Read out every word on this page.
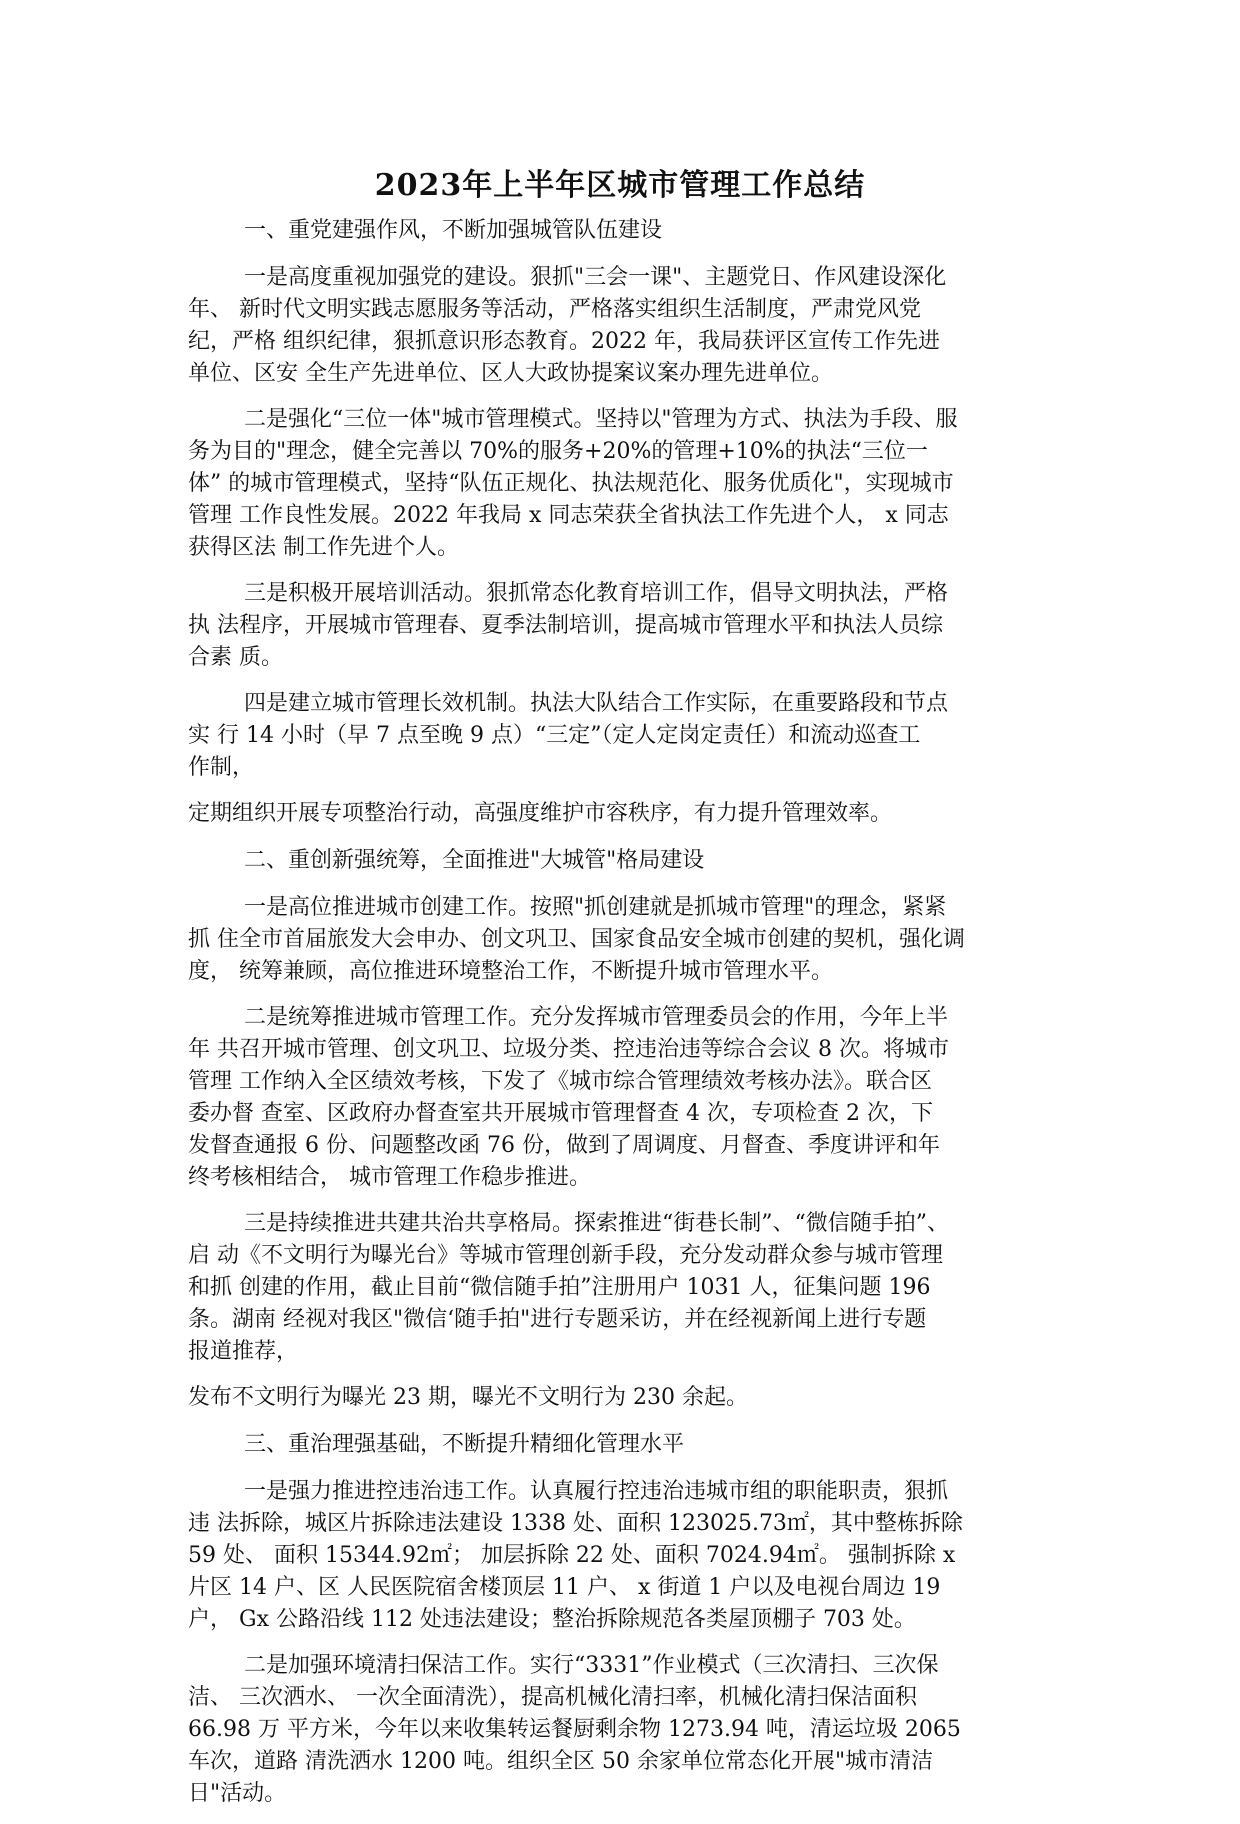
2023年上半年区城市管理工作总结
一、重党建强作风，不断加强城管队伍建设
一是高度重视加强党的建设。狠抓"三会一课"、主题党日、作风建设深化
年、 新时代文明实践志愿服务等活动，严格落实组织生活制度，严肃党风党
纪，严格 组织纪律，狠抓意识形态教育。2022 年，我局获评区宣传工作先进
单位、区安 全生产先进单位、区人大政协提案议案办理先进单位。
二是强化“三位一体"城市管理模式。坚持以"管理为方式、执法为手段、服
务为目的"理念，健全完善以 70%的服务+20%的管理+10%的执法“三位一
体” 的城市管理模式，坚持“队伍正规化、执法规范化、服务优质化"，实现城市
管理 工作良性发展。2022 年我局 x 同志荣获全省执法工作先进个人， x 同志
获得区法 制工作先进个人。
三是积极开展培训活动。狠抓常态化教育培训工作，倡导文明执法，严格
执 法程序，开展城市管理春、夏季法制培训，提高城市管理水平和执法人员综
合素 质。
四是建立城市管理长效机制。执法大队结合工作实际，在重要路段和节点
实 行 14 小时（早 7 点至晚 9 点）“三定”（定人定岗定责任）和流动巡查工
作制，
定期组织开展专项整治行动，高强度维护市容秩序，有力提升管理效率。
二、重创新强统筹，全面推进"大城管"格局建设
一是高位推进城市创建工作。按照"抓创建就是抓城市管理"的理念，紧紧
抓 住全市首届旅发大会申办、创文巩卫、国家食品安全城市创建的契机，强化调
度， 统筹兼顾，高位推进环境整治工作，不断提升城市管理水平。
二是统筹推进城市管理工作。充分发挥城市管理委员会的作用，今年上半
年 共召开城市管理、创文巩卫、垃圾分类、控违治违等综合会议 8 次。将城市
管理 工作纳入全区绩效考核，下发了《城市综合管理绩效考核办法》。联合区
委办督 查室、区政府办督查室共开展城市管理督查 4 次，专项检查 2 次，下
发督查通报 6 份、问题整改函 76 份，做到了周调度、月督查、季度讲评和年
终考核相结合， 城市管理工作稳步推进。
三是持续推进共建共治共享格局。探索推进“街巷长制”、“微信随手拍”、
启 动《不文明行为曝光台》等城市管理创新手段，充分发动群众参与城市管理
和抓 创建的作用，截止目前“微信随手拍”注册用户 1031 人，征集问题 196
条。湖南 经视对我区"微信‘随手拍"进行专题采访，并在经视新闻上进行专题
报道推荐，
发布不文明行为曝光 23 期，曝光不文明行为 230 余起。
三、重治理强基础，不断提升精细化管理水平
一是强力推进控违治违工作。认真履行控违治违城市组的职能职责，狠抓
违 法拆除，城区片拆除违法建设 1338 处、面积 123025.73㎡，其中整栋拆除
59 处、 面积 15344.92㎡； 加层拆除 22 处、面积 7024.94㎡。 强制拆除 x
片区 14 户、区 人民医院宿舍楼顶层 11 户、 x 街道 1 户以及电视台周边 19
户， Gx 公路沿线 112 处违法建设；整治拆除规范各类屋顶棚子 703 处。
二是加强环境清扫保洁工作。实行“3331”作业模式（三次清扫、三次保
洁、 三次洒水、 一次全面清洗），提高机械化清扫率，机械化清扫保洁面积
66.98 万 平方米，今年以来收集转运餐厨剩余物 1273.94 吨，清运垃圾 2065
车次，道路 清洗洒水 1200 吨。组织全区 50 余家单位常态化开展"城市清洁
日"活动。
